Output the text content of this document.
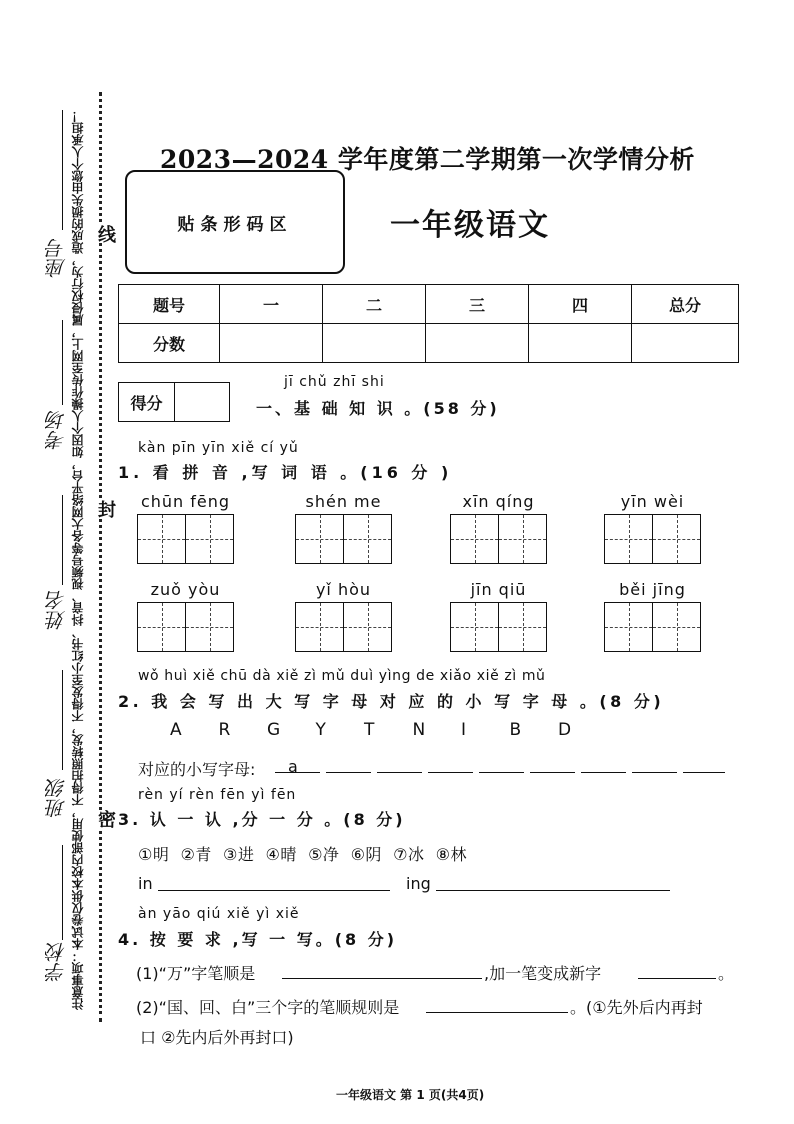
座号
考场
姓名
班级
学校 注意事项：本试卷仅供本校内部使用，不得拍照转发，不得发至小红书、抖音、视频号等各大网络平台，如因个人操作传至网上，属侵权行为，造成的损失由您个人承担！ 线
封
密
2023—2024 学年度第二学期第一次学情分析
贴条形码区	一年级语文
题号	一	二	三	四	总分
分数					
得分
jī chǔ zhī shi
一、基 础 知 识 。(58 分)
kàn pīn yīn xiě cí yǔ
1. 看 拼 音 ,写 词 语 。(16 分 )
chūn fēng	shén me	xīn qíng	yīn wèi
zuǒ yòu	yǐ hòu	jīn qiū	běi jīng
wǒ huì xiě chū dà xiě zì mǔ duì yìng de xiǎo xiě zì mǔ
2. 我 会 写 出 大 写 字 母 对 应 的 小 写 字 母 。(8 分)
A	R	G	Y	T	N	I	B	D
对应的小写字母: a
rèn yí rèn fēn yì fēn
3. 认 一 认 ,分 一 分 。(8 分)
①明  ②青  ③进  ④晴  ⑤净  ⑥阴  ⑦冰  ⑧林
in	ing
àn yāo qiú xiě yì xiě
4. 按 要 求 ,写 一 写。(8 分)
(1)“万”字笔顺是	,加一笔变成新字	。
(2)“国、回、白”三个字的笔顺规则是	。(①先外后内再封
口 ②先内后外再封口)
一年级语文 第 1 页(共4页)
